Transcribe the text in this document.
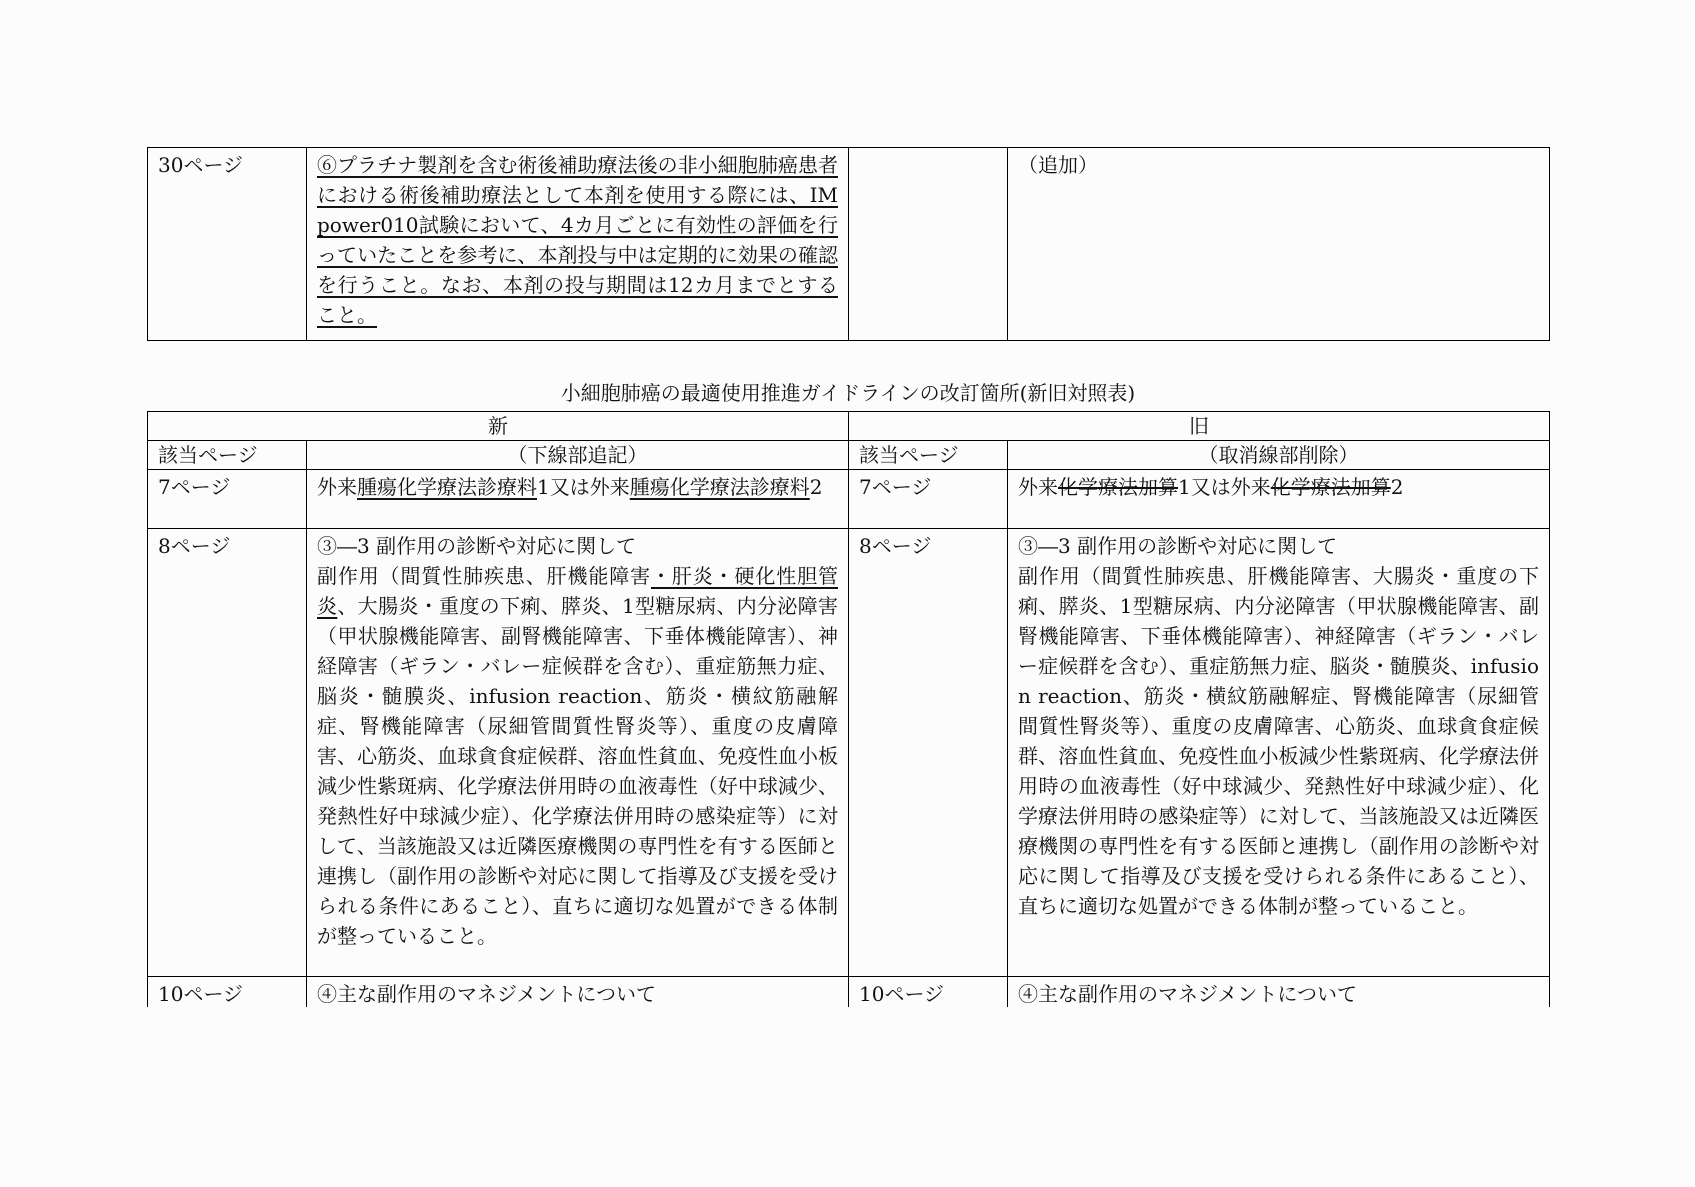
30ページ	⑥プラチナ製剤を含む術後補助療法後の非小細胞肺癌患者における術後補助療法として本剤を使用する際には、IMpower010試験において、4カ月ごとに有効性の評価を行っていたことを参考に、本剤投与中は定期的に効果の確認を行うこと。なお、本剤の投与期間は12カ月までとすること。		（追加）
小細胞肺癌の最適使用推進ガイドラインの改訂箇所(新旧対照表)
新		旧	
該当ページ	（下線部追記）	該当ページ	（取消線部削除）
7ページ	外来腫瘍化学療法診療料1又は外来腫瘍化学療法診療料2	7ページ	外来化学療法加算1又は外来化学療法加算2
8ページ	③―3 副作用の診断や対応に関して
副作用（間質性肺疾患、肝機能障害・肝炎・硬化性胆管炎、大腸炎・重度の下痢、膵炎、1型糖尿病、内分泌障害（甲状腺機能障害、副腎機能障害、下垂体機能障害）、神経障害（ギラン・バレー症候群を含む）、重症筋無力症、脳炎・髄膜炎、infusion reaction、筋炎・横紋筋融解症、腎機能障害（尿細管間質性腎炎等）、重度の皮膚障害、心筋炎、血球貪食症候群、溶血性貧血、免疫性血小板減少性紫斑病、化学療法併用時の血液毒性（好中球減少、発熱性好中球減少症）、化学療法併用時の感染症等）に対して、当該施設又は近隣医療機関の専門性を有する医師と連携し（副作用の診断や対応に関して指導及び支援を受けられる条件にあること）、直ちに適切な処置ができる体制が整っていること。	8ページ	③―3 副作用の診断や対応に関して
副作用（間質性肺疾患、肝機能障害、大腸炎・重度の下痢、膵炎、1型糖尿病、内分泌障害（甲状腺機能障害、副腎機能障害、下垂体機能障害）、神経障害（ギラン・バレー症候群を含む）、重症筋無力症、脳炎・髄膜炎、infusion reaction、筋炎・横紋筋融解症、腎機能障害（尿細管間質性腎炎等）、重度の皮膚障害、心筋炎、血球貪食症候群、溶血性貧血、免疫性血小板減少性紫斑病、化学療法併用時の血液毒性（好中球減少、発熱性好中球減少症）、化学療法併用時の感染症等）に対して、当該施設又は近隣医療機関の専門性を有する医師と連携し（副作用の診断や対応に関して指導及び支援を受けられる条件にあること）、直ちに適切な処置ができる体制が整っていること。
10ページ	④主な副作用のマネジメントについて	10ページ	④主な副作用のマネジメントについて
